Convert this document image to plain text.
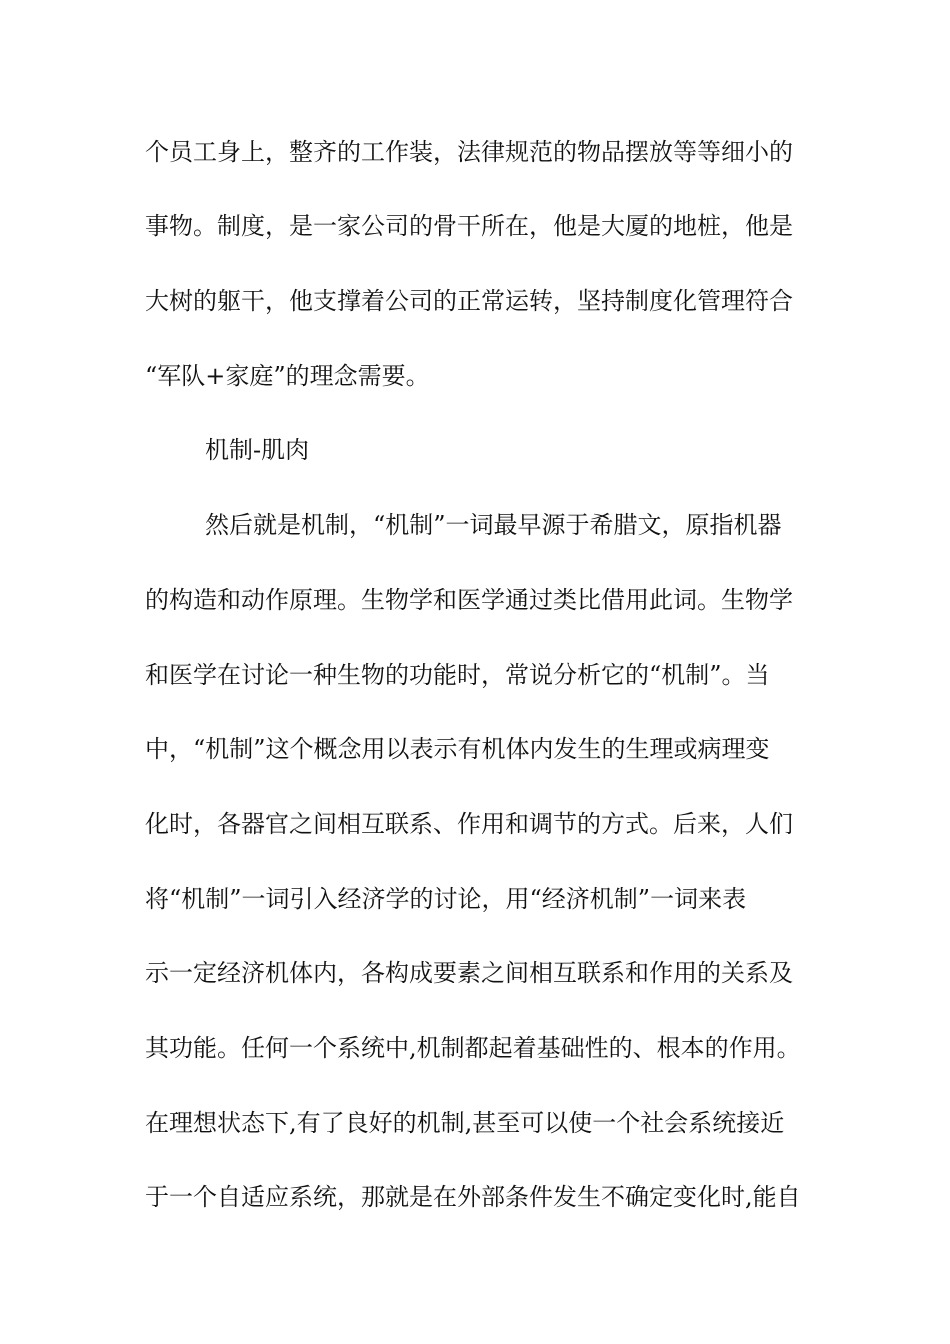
个员工身上，整齐的工作装，法律规范的物品摆放等等细小的
事物。制度，是一家公司的骨干所在，他是大厦的地桩，他是
大树的躯干，他支撑着公司的正常运转，坚持制度化管理符合
“军队+家庭”的理念需要。
机制-肌肉
然后就是机制，“机制”一词最早源于希腊文，原指机器
的构造和动作原理。生物学和医学通过类比借用此词。生物学
和医学在讨论一种生物的功能时，常说分析它的“机制”。当
中，“机制”这个概念用以表示有机体内发生的生理或病理变
化时，各器官之间相互联系、作用和调节的方式。后来，人们
将“机制”一词引入经济学的讨论，用“经济机制”一词来表
示一定经济机体内，各构成要素之间相互联系和作用的关系及
其功能。任何一个系统中,机制都起着基础性的、根本的作用。
在理想状态下,有了良好的机制,甚至可以使一个社会系统接近
于一个自适应系统，那就是在外部条件发生不确定变化时,能自
